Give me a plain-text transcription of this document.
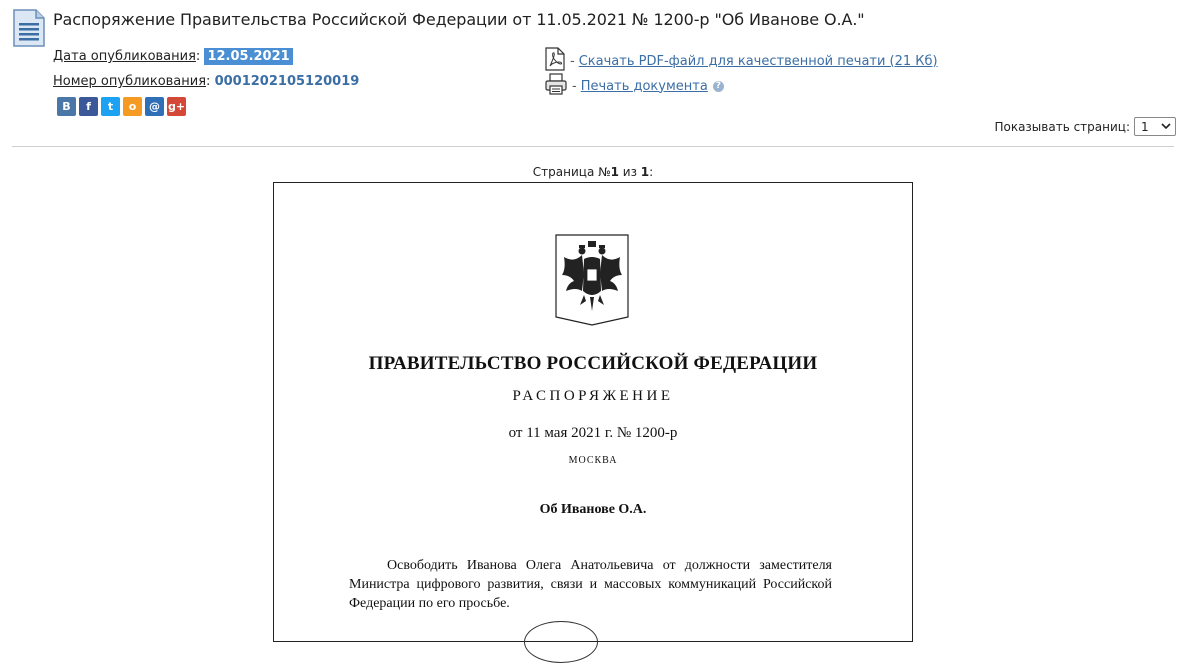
Распоряжение Правительства Российской Федерации от 11.05.2021 № 1200-р "Об Иванове О.А."
Дата опубликования: 12.05.2021
Номер опубликования: 0001202105120019
В	f	t	o	@ g+
- Скачать PDF-файл для качественной печати (21 Кб)
- Печать документа ?
Показывать страниц: 1
Страница №1 из 1:
ПРАВИТЕЛЬСТВО РОССИЙСКОЙ ФЕДЕРАЦИИ
РАСПОРЯЖЕНИЕ
от 11 мая 2021 г. № 1200-р
МОСКВА
Об Иванове О.А.
Освободить Иванова Олега Анатольевича от должности заместителя Министра цифрового развития, связи и массовых коммуникаций Российской Федерации по его просьбе.
